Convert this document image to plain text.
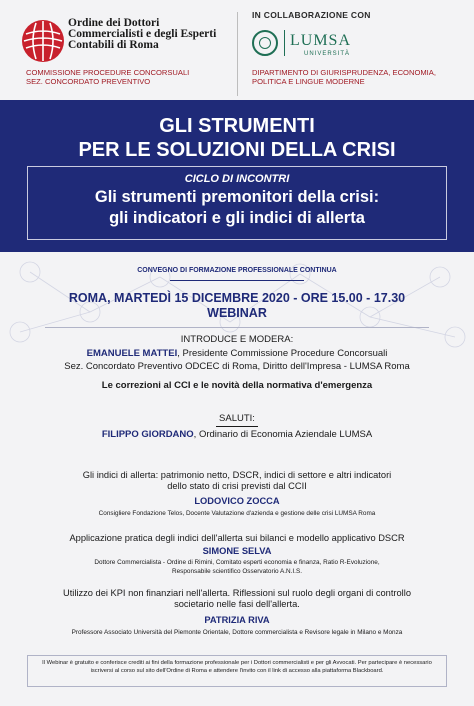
Ordine dei Dottori Commercialisti e degli Esperti Contabili di Roma
COMMISSIONE PROCEDURE CONCORSUALI
SEZ. CONCORDATO PREVENTIVO
IN COLLABORAZIONE CON
LUMSA
UNIVERSITÀ
DIPARTIMENTO DI GIURISPRUDENZA, ECONOMIA,
POLITICA E LINGUE MODERNE
GLI STRUMENTI
PER LE SOLUZIONI DELLA CRISI
CICLO DI INCONTRI
Gli strumenti premonitori della crisi:
gli indicatori e gli indici di allerta
CONVEGNO DI FORMAZIONE PROFESSIONALE CONTINUA
ROMA, MARTEDÌ 15 DICEMBRE 2020 - ORE 15.00 - 17.30
WEBINAR
INTRODUCE E MODERA:
EMANUELE MATTEI, Presidente Commissione Procedure Concorsuali
Sez. Concordato Preventivo ODCEC di Roma, Diritto dell'Impresa - LUMSA Roma
Le correzioni al CCI e le novità della normativa d'emergenza
SALUTI:
FILIPPO GIORDANO, Ordinario di Economia Aziendale LUMSA
Gli indici di allerta: patrimonio netto, DSCR, indici di settore e altri indicatori
dello stato di crisi previsti dal CCII
LODOVICO ZOCCA
Consigliere Fondazione Telos, Docente Valutazione d'azienda e gestione delle crisi LUMSA Roma
Applicazione pratica degli indici dell'allerta sui bilanci e modello applicativo DSCR
SIMONE SELVA
Dottore Commercialista - Ordine di Rimini, Comitato esperti economia e finanza, Ratio R-Evoluzione,
Responsabile scientifico Osservatorio A.N.I.S.
Utilizzo dei KPI non finanziari nell'allerta. Riflessioni sul ruolo degli organi di controllo
societario nelle fasi dell'allerta.
PATRIZIA RIVA
Professore Associato Università del Piemonte Orientale, Dottore commercialista e Revisore legale in Milano e Monza
Il Webinar è gratuito e conferisce crediti ai fini della formazione professionale per i Dottori commercialisti e per gli Avvocati. Per partecipare è necessario iscriversi al corso sul sito dell'Ordine di Roma e attendere l'invito con il link di accesso alla piattaforma Blackboard.
